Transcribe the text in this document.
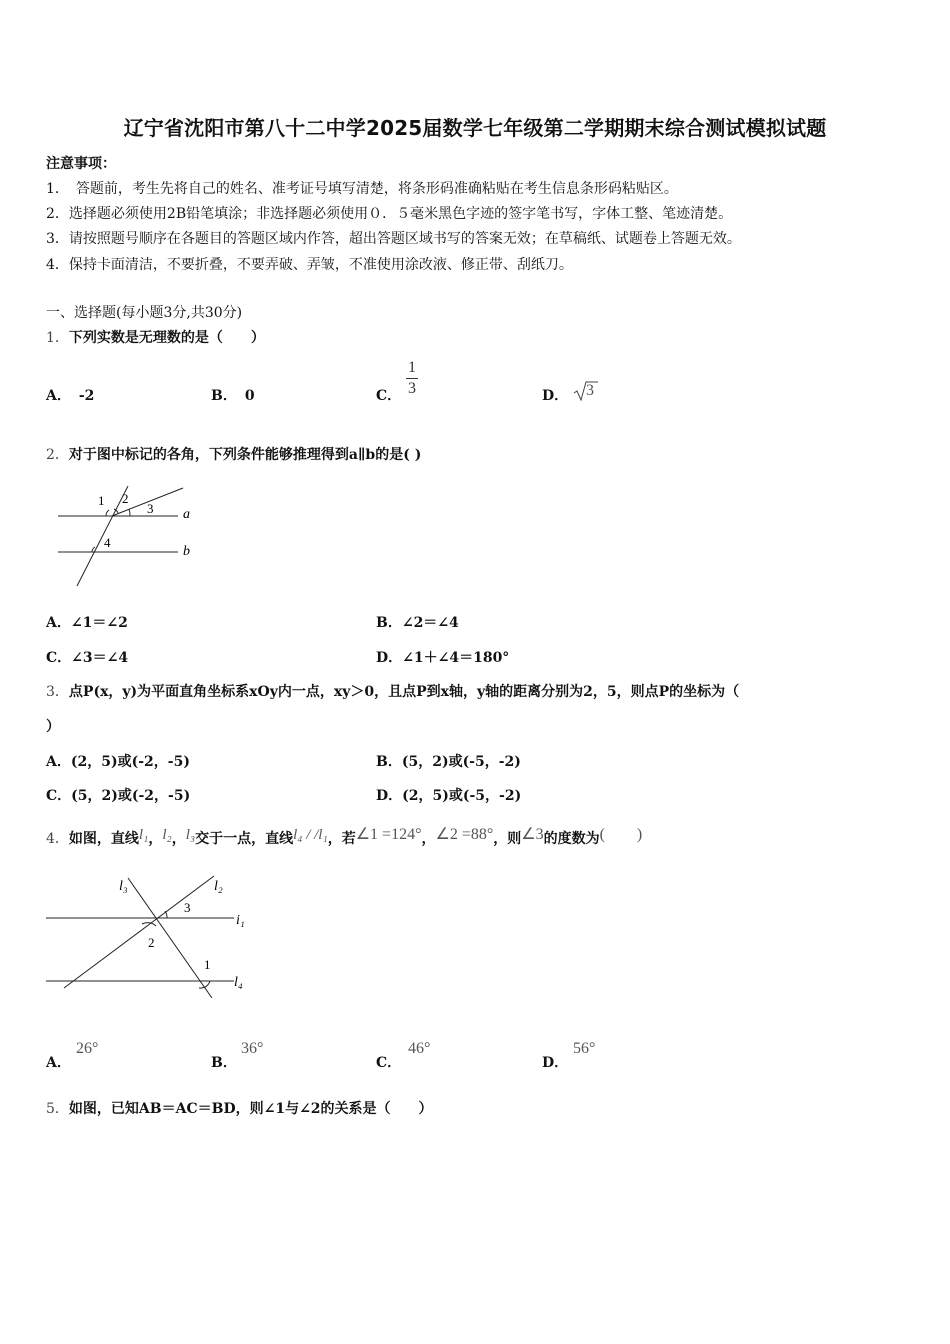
辽宁省沈阳市第八十二中学2025届数学七年级第二学期期末综合测试模拟试题
注意事项：
1．　答题前，考生先将自己的姓名、准考证号填写清楚，将条形码准确粘贴在考生信息条形码粘贴区。
2．选择题必须使用2B铅笔填涂；非选择题必须使用０．５毫米黑色字迹的签字笔书写，字体工整、笔迹清楚。
3．请按照题号顺序在各题目的答题区域内作答，超出答题区域书写的答案无效；在草稿纸、试题卷上答题无效。
4．保持卡面清洁，不要折叠，不要弄破、弄皱，不准使用涂改液、修正带、刮纸刀。
一、选择题(每小题3分,共30分)
1．下列实数是无理数的是（　　）
A． -2	B． 0	C．
1
3	D． 3
2．对于图中标记的各角，下列条件能够推理得到a∥b的是( )
1 2
3
4
a
b
A．∠1＝∠2	B．∠2＝∠4
C．∠3＝∠4	D．∠1＋∠4＝180°
3．点P(x，y)为平面直角坐标系xOy内一点，xy＞0，且点P到x轴，y轴的距离分别为2，5，则点P的坐标为（
）
A．(2，5)或(-2，-5)	B．(5，2)或(-5，-2)
C．(5，2)或(-2，-5)	D．(2，5)或(-5，-2)
4．如图，直线l₁，l₂，l₃交于一点，直线l₄ / /l₁，若∠1 =124°，∠2 =88°，则∠3的度数为(　　)
l₃	l₂
i₁
l₄
3
2
1
A．
26°
B．
36°
C．
46°
D．
56°
5．如图，已知AB＝AC＝BD，则∠1与∠2的关系是（　　）
